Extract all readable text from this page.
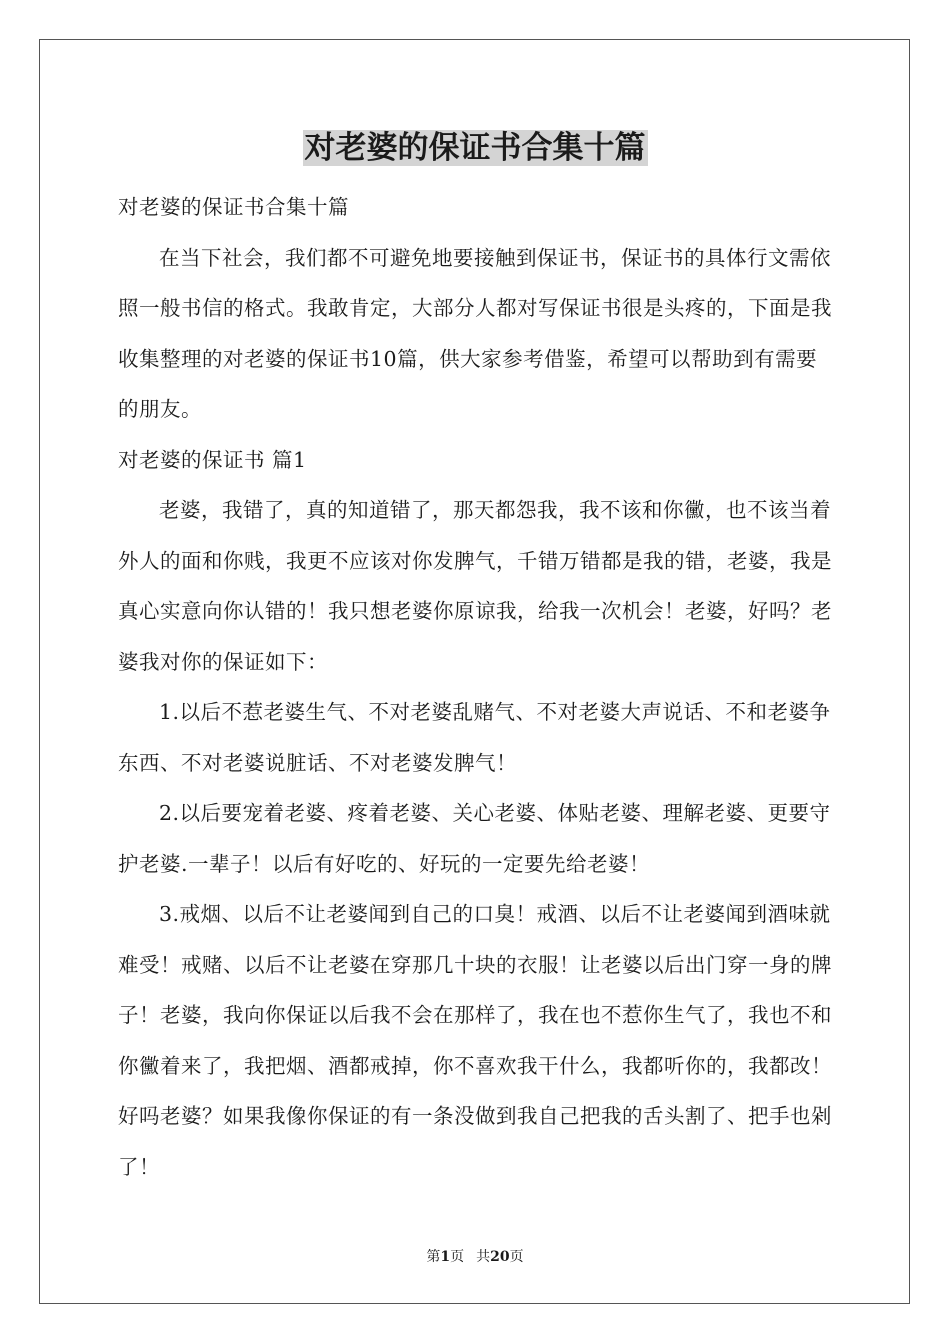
对老婆的保证书合集十篇

对老婆的保证书合集十篇

在当下社会，我们都不可避免地要接触到保证书，保证书的具体行文需依照一般书信的格式。我敢肯定，大部分人都对写保证书很是头疼的，下面是我收集整理的对老婆的保证书10篇，供大家参考借鉴，希望可以帮助到有需要的朋友。

对老婆的保证书 篇1

老婆，我错了，真的知道错了，那天都怨我，我不该和你黴，也不该当着外人的面和你贱，我更不应该对你发脾气，千错万错都是我的错，老婆，我是真心实意向你认错的！我只想老婆你原谅我，给我一次机会！老婆，好吗？老婆我对你的保证如下：

1.以后不惹老婆生气、不对老婆乱赌气、不对老婆大声说话、不和老婆争东西、不对老婆说脏话、不对老婆发脾气！

2.以后要宠着老婆、疼着老婆、关心老婆、体贴老婆、理解老婆、更要守护老婆.一辈子！以后有好吃的、好玩的一定要先给老婆！

3.戒烟、以后不让老婆闻到自己的口臭！戒酒、以后不让老婆闻到酒味就难受！戒赌、以后不让老婆在穿那几十块的衣服！让老婆以后出门穿一身的牌子！老婆，我向你保证以后我不会在那样了，我在也不惹你生气了，我也不和你黴着来了，我把烟、酒都戒掉，你不喜欢我干什么，我都听你的，我都改！好吗老婆？如果我像你保证的有一条没做到我自己把我的舌头割了、把手也剁了！

第1页 共20页
